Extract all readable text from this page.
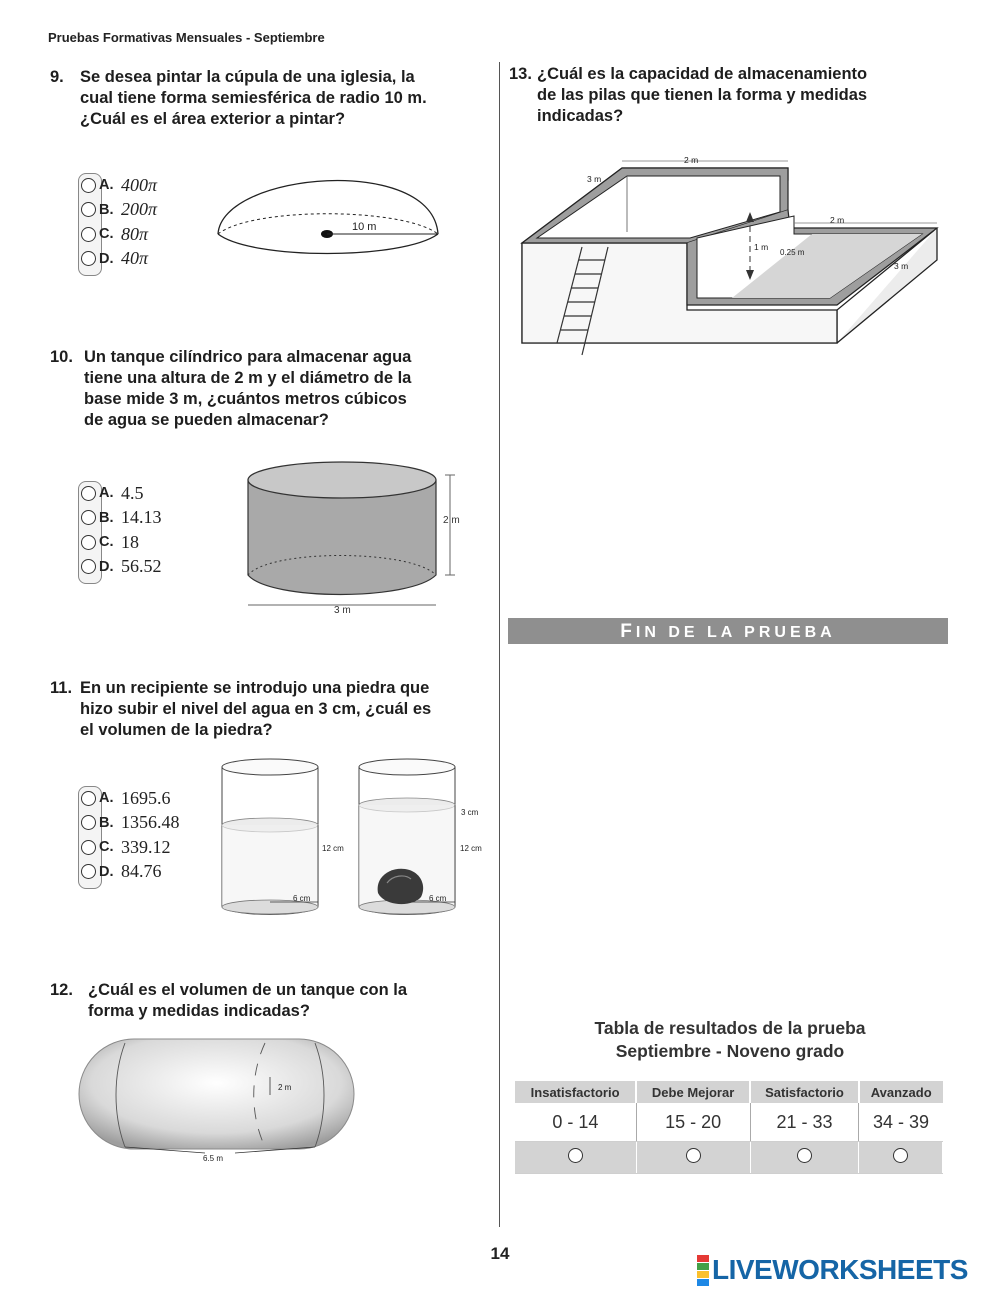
Pruebas Formativas Mensuales - Septiembre
9. Se desea pintar la cúpula de una iglesia, la
cual tiene forma semiesférica de radio 10 m.
¿Cuál es el área exterior a pintar?
A. 400π
B. 200π
C. 80π
D. 40π
10 m
10. Un tanque cilíndrico para almacenar agua
tiene una altura de 2 m y el diámetro de la
base mide 3 m, ¿cuántos metros cúbicos
de agua se pueden almacenar?
A. 4.5
B. 14.13
C. 18
D. 56.52
2 m
3 m
11. En un recipiente se introdujo una piedra que
hizo subir el nivel del agua en 3 cm, ¿cuál es
el volumen de la piedra?
A. 1695.6
B. 1356.48
C. 339.12
D. 84.76
12 cm
6 cm
3 cm
12 cm
6 cm
12. ¿Cuál es el volumen de un tanque con la
forma y medidas indicadas?
2 m
6.5 m
13. ¿Cuál es la capacidad de almacenamiento
de las pilas que tienen la forma y medidas
indicadas?
2 m
3 m
2 m
1 m
0.25 m
3 m
FIN DE LA PRUEBA
Tabla de resultados de la prueba
Septiembre - Noveno grado
Insatisfactorio	Debe Mejorar	Satisfactorio	Avanzado
0 - 14	15 - 20	21 - 33	34 - 39

14
LIVEWORKSHEETS
